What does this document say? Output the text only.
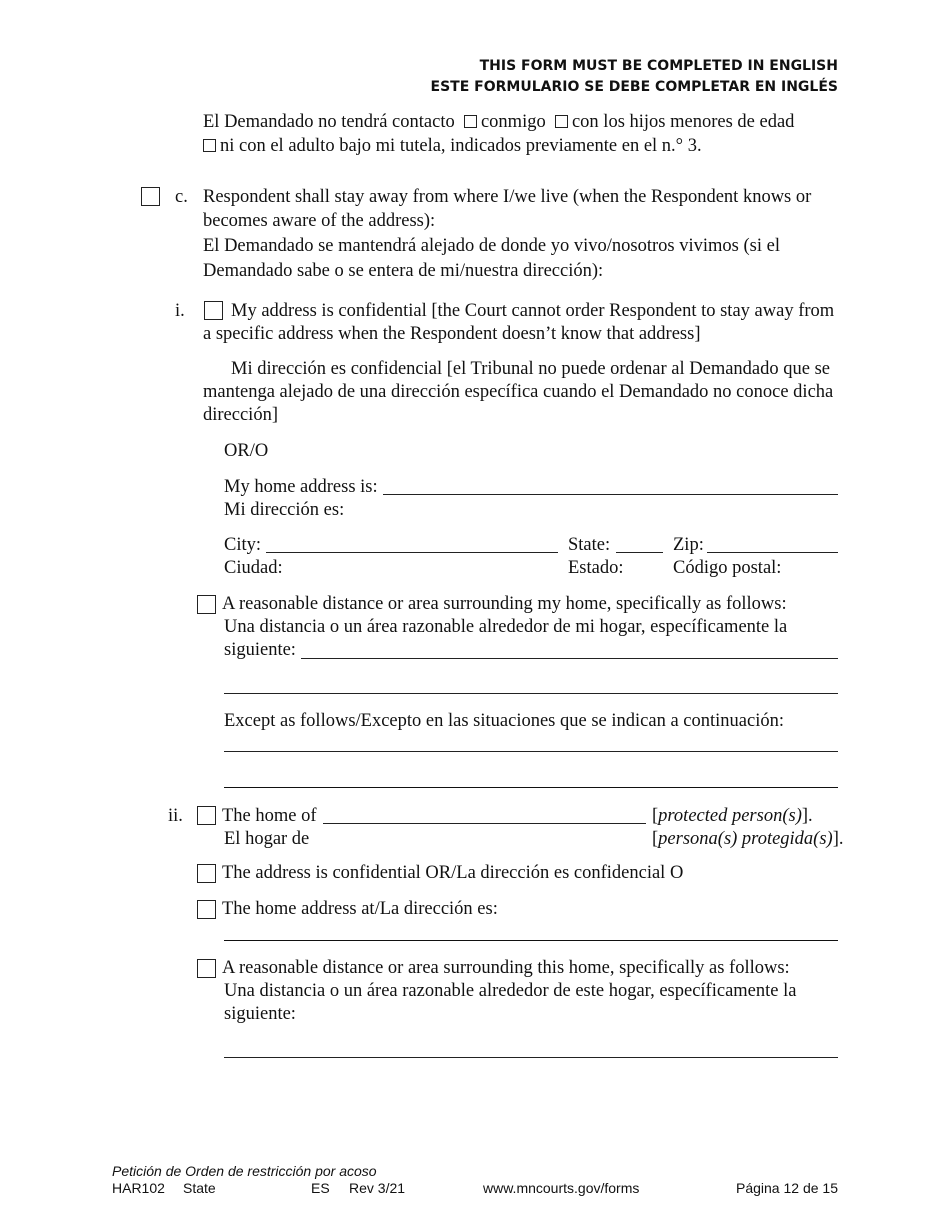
THIS FORM MUST BE COMPLETED IN ENGLISH
ESTE FORMULARIO SE DEBE COMPLETAR EN INGLÉS
El Demandado no tendrá contacto conmigo con los hijos menores de edad
ni con el adulto bajo mi tutela, indicados previamente en el n.° 3.
c. Respondent shall stay away from where I/we live (when the Respondent knows or
becomes aware of the address):
El Demandado se mantendrá alejado de donde yo vivo/nosotros vivimos (si el
Demandado sabe o se entera de mi/nuestra dirección):
i. My address is confidential [the Court cannot order Respondent to stay away from
a specific address when the Respondent doesn’t know that address]
Mi dirección es confidencial [el Tribunal no puede ordenar al Demandado que se
mantenga alejado de una dirección específica cuando el Demandado no conoce dicha
dirección]
OR/O
My home address is:
Mi dirección es:
City:	State:	Zip:
Ciudad:	Estado:	Código postal:
A reasonable distance or area surrounding my home, specifically as follows:
Una distancia o un área razonable alrededor de mi hogar, específicamente la
siguiente:
Except as follows/Excepto en las situaciones que se indican a continuación:
ii. The home of	[protected person(s)].
El hogar de	[persona(s) protegida(s)].
The address is confidential OR/La dirección es confidencial O
The home address at/La dirección es:
A reasonable distance or area surrounding this home, specifically as follows:
Una distancia o un área razonable alrededor de este hogar, específicamente la
siguiente:
Petición de Orden de restricción por acoso
HAR102 State	ES Rev 3/21	www.mncourts.gov/forms	Página 12 de 15
